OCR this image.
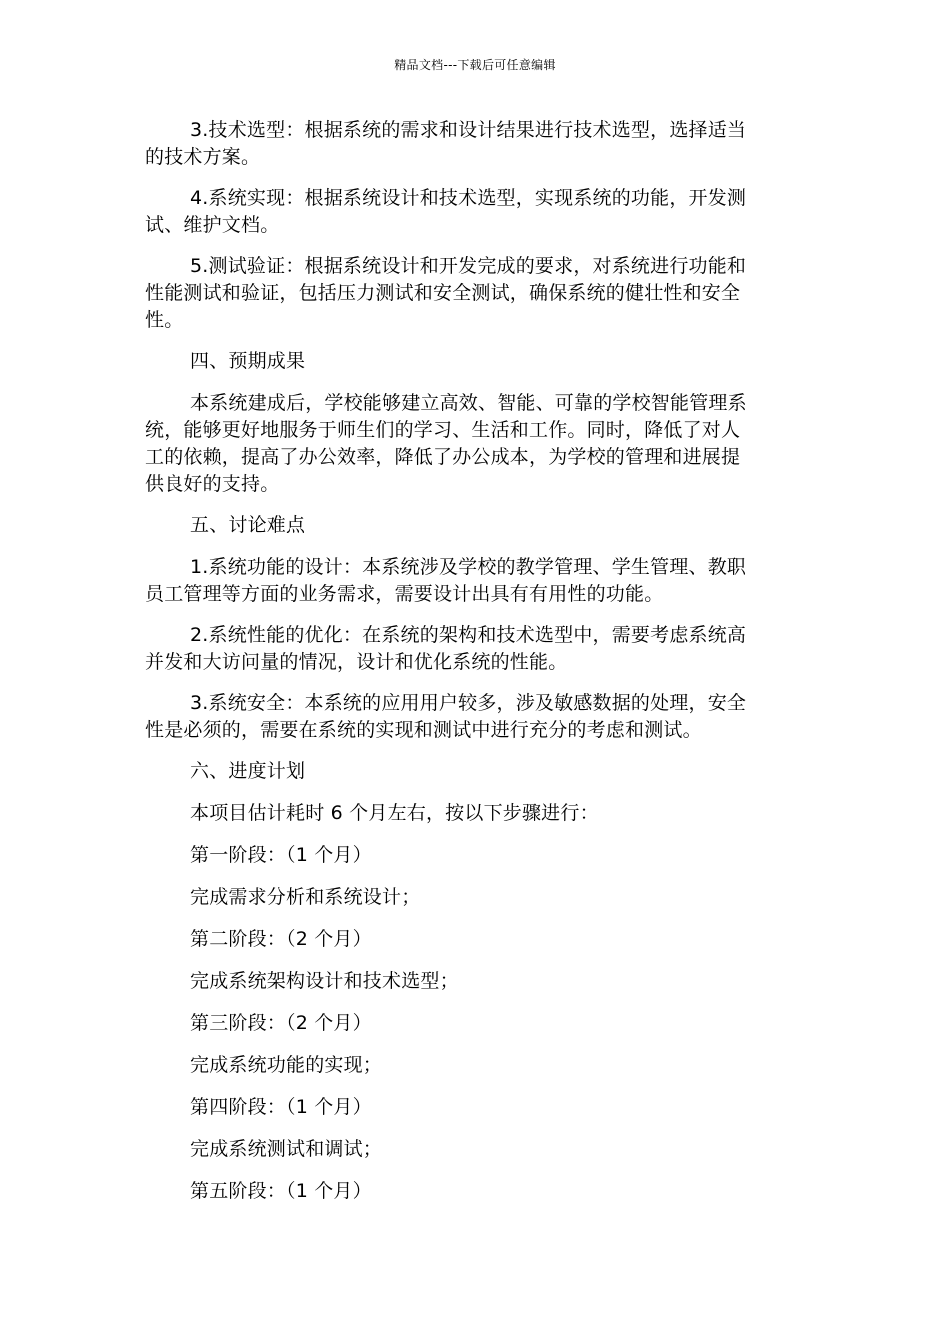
精品文档---下载后可任意编辑
3.技术选型：根据系统的需求和设计结果进行技术选型，选择适当
的技术方案。
4.系统实现：根据系统设计和技术选型，实现系统的功能，开发测
试、维护文档。
5.测试验证：根据系统设计和开发完成的要求，对系统进行功能和
性能测试和验证，包括压力测试和安全测试，确保系统的健壮性和安全
性。
四、预期成果
本系统建成后，学校能够建立高效、智能、可靠的学校智能管理系
统，能够更好地服务于师生们的学习、生活和工作。同时，降低了对人
工的依赖，提高了办公效率，降低了办公成本，为学校的管理和进展提
供良好的支持。
五、讨论难点
1.系统功能的设计：本系统涉及学校的教学管理、学生管理、教职
员工管理等方面的业务需求，需要设计出具有有用性的功能。
2.系统性能的优化：在系统的架构和技术选型中，需要考虑系统高
并发和大访问量的情况，设计和优化系统的性能。
3.系统安全：本系统的应用用户较多，涉及敏感数据的处理，安全
性是必须的，需要在系统的实现和测试中进行充分的考虑和测试。
六、进度计划
本项目估计耗时 6 个月左右，按以下步骤进行：
第一阶段：（1 个月）
完成需求分析和系统设计；
第二阶段：（2 个月）
完成系统架构设计和技术选型；
第三阶段：（2 个月）
完成系统功能的实现；
第四阶段：（1 个月）
完成系统测试和调试；
第五阶段：（1 个月）
